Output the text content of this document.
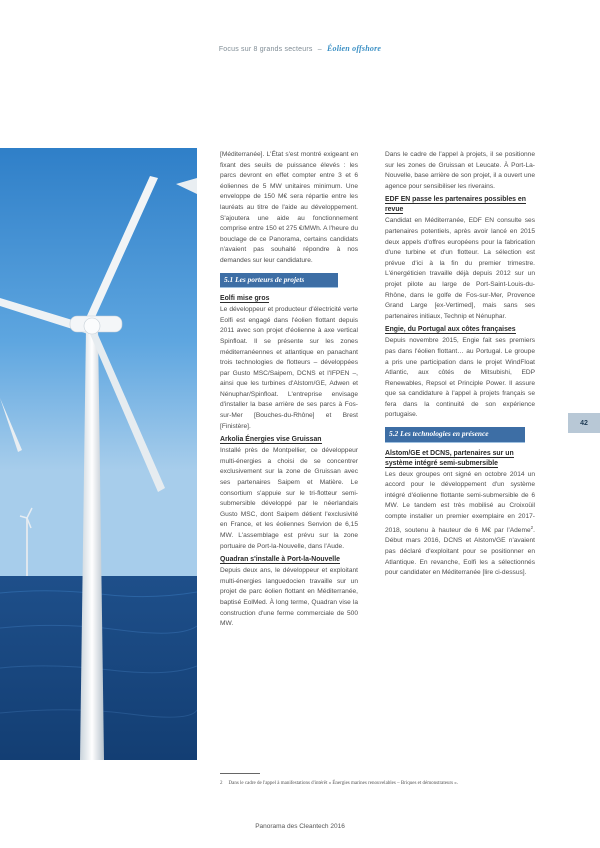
Focus sur 8 grands secteurs – Éolien offshore

[Méditerranée]. L'État s'est montré exigeant en fixant des seuils de puissance élevés : les parcs devront en effet compter entre 3 et 6 éoliennes de 5 MW unitaires minimum. Une enveloppe de 150 M€ sera répartie entre les lauréats au titre de l'aide au développement. S'ajoutera une aide au fonctionnement comprise entre 150 et 275 €/MWh. A l'heure du bouclage de ce Panorama, certains candidats n'avaient pas souhaité répondre à nos demandes sur leur candidature.

5.1 Les porteurs de projets
Eolfi mise gros

Le développeur et producteur d'électricité verte Eolfi est engagé dans l'éolien flottant depuis 2011 avec son projet d'éolienne à axe vertical Spinfloat. Il se présente sur les zones méditerranéennes et atlantique en panachant trois technologies de flotteurs – développées par Gusto MSC/Saipem, DCNS et l'IFPEN –, ainsi que les turbines d'Alstom/GE, Adwen et Nénuphar/Spinfloat. L'entreprise envisage d'installer la base arrière de ses parcs à Fos-sur-Mer [Bouches-du-Rhône] et Brest [Finistère].

Arkolia Énergies vise Gruissan

Installé près de Montpellier, ce développeur multi-énergies a choisi de se concentrer exclusivement sur la zone de Gruissan avec ses partenaires Saipem et Matière. Le consortium s'appuie sur le tri-flotteur semi-submersible développé par le néerlandais Gusto MSC, dont Saipem détient l'exclusivité en France, et les éoliennes Senvion de 6,15 MW. L'assemblage est prévu sur la zone portuaire de Port-la-Nouvelle, dans l'Aude.

Quadran s'installe à Port-la-Nouvelle

Depuis deux ans, le développeur et exploitant multi-énergies languedocien travaille sur un projet de parc éolien flottant en Méditerranée, baptisé EolMed. À long terme, Quadran vise la construction d'une ferme commerciale de 500 MW.

Dans le cadre de l'appel à projets, il se positionne sur les zones de Gruissan et Leucate. À Port-La-Nouvelle, base arrière de son projet, il a ouvert une agence pour sensibiliser les riverains.

EDF EN passe les partenaires possibles en revue

Candidat en Méditerranée, EDF EN consulte ses partenaires potentiels, après avoir lancé en 2015 deux appels d'offres européens pour la fabrication d'une turbine et d'un flotteur. La sélection est prévue d'ici à la fin du premier trimestre. L'énergéticien travaille déjà depuis 2012 sur un projet pilote au large de Port-Saint-Louis-du-Rhône, dans le golfe de Fos-sur-Mer, Provence Grand Large [ex-Vertimed], mais sans ses partenaires initiaux, Technip et Nénuphar.

Engie, du Portugal aux côtes françaises

Depuis novembre 2015, Engie fait ses premiers pas dans l'éolien flottant… au Portugal. Le groupe a pris une participation dans le projet WindFloat Atlantic, aux côtés de Mitsubishi, EDP Renewables, Repsol et Principle Power. Il assure que sa candidature à l'appel à projets français se fera dans la continuité de son expérience portugaise.

5.2 Les technologies en présence
Alstom/GE et DCNS, partenaires sur un système intégré semi-submersible

Les deux groupes ont signé en octobre 2014 un accord pour le développement d'un système intégré d'éolienne flottante semi-submersible de 6 MW. Le tandem est très mobilisé au Croixoüil compte installer un premier exemplaire en 2017-2018, soutenu à hauteur de 6 M€ par l'Ademe$^2$. Début mars 2016, DCNS et Alstom/GE n'avaient pas déclaré d'exploitant pour se positionner en Atlantique. En revanche, Eolfi les a sélectionnés pour candidater en Méditerranée [lire ci-dessus].

42
2 Dans le cadre de l'appel à manifestations d'intérêt « Énergies marines renouvelables – Briques et démonstrateurs ».
Panorama des Cleantech 2016
